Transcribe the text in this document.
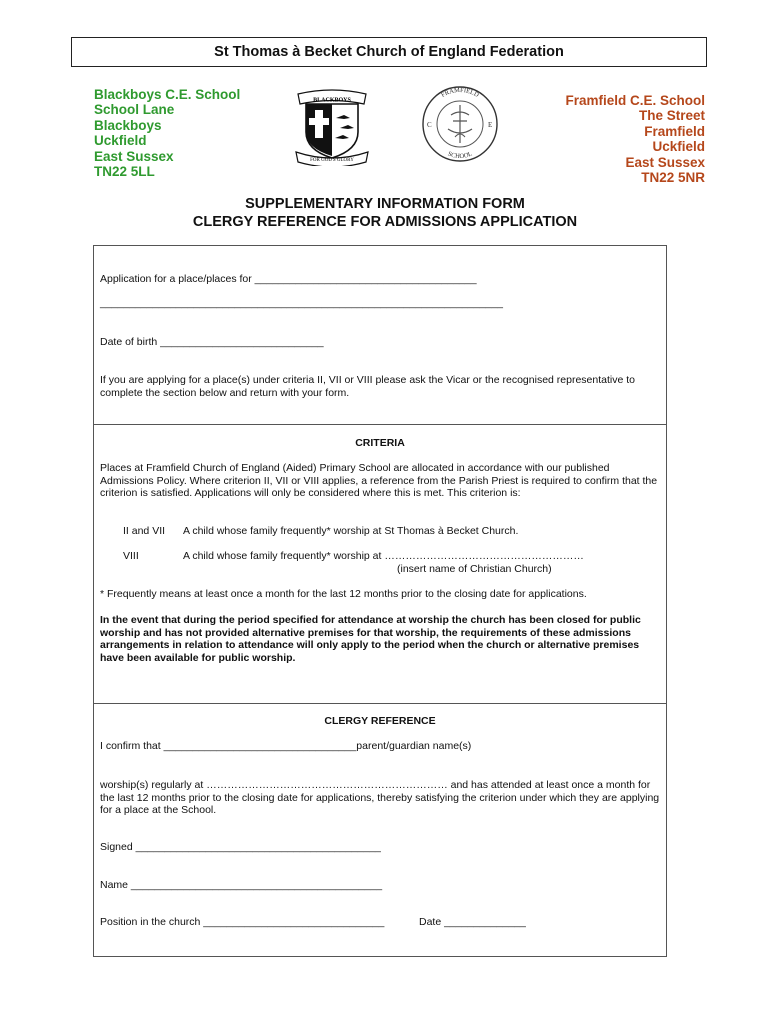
St Thomas à Becket Church of England Federation
Blackboys C.E. School
School Lane
Blackboys
Uckfield
East Sussex
TN22 5LL
BLACKBOYS
FOR GOD'S GLORY
FRAMFIELD
SCHOOL
C	E
Framfield C.E. School
The Street
Framfield
Uckfield
East Sussex
TN22 5NR
SUPPLEMENTARY INFORMATION FORM
CLERGY REFERENCE FOR ADMISSIONS APPLICATION
Application for a place/places for ______________________________________
_____________________________________________________________________
Date of birth ____________________________
If you are applying for a place(s) under criteria II, VII or VIII please ask the Vicar or the recognised representative to complete the section below and return with your form.
CRITERIA
Places at Framfield Church of England (Aided) Primary School are allocated in accordance with our published Admissions Policy. Where criterion II, VII or VIII applies, a reference from the Parish Priest is required to confirm that the criterion is satisfied. Applications will only be considered where this is met. This criterion is:
II and VII A child whose family frequently* worship at St Thomas à Becket Church.
VIII	A child whose family frequently* worship at …………………………………………………
(insert name of Christian Church)
* Frequently means at least once a month for the last 12 months prior to the closing date for applications.
In the event that during the period specified for attendance at worship the church has been closed for public worship and has not provided alternative premises for that worship, the requirements of these admissions arrangements in relation to attendance will only apply to the period when the church or alternative premises have been available for public worship.
CLERGY REFERENCE
I confirm that _________________________________parent/guardian name(s)
worship(s) regularly at …………………………………………………………… and has attended at least once a month for the last 12 months prior to the closing date for applications, thereby satisfying the criterion under which they are applying for a place at the School.
Signed __________________________________________
Name ___________________________________________
Position in the church _______________________________	Date ______________
